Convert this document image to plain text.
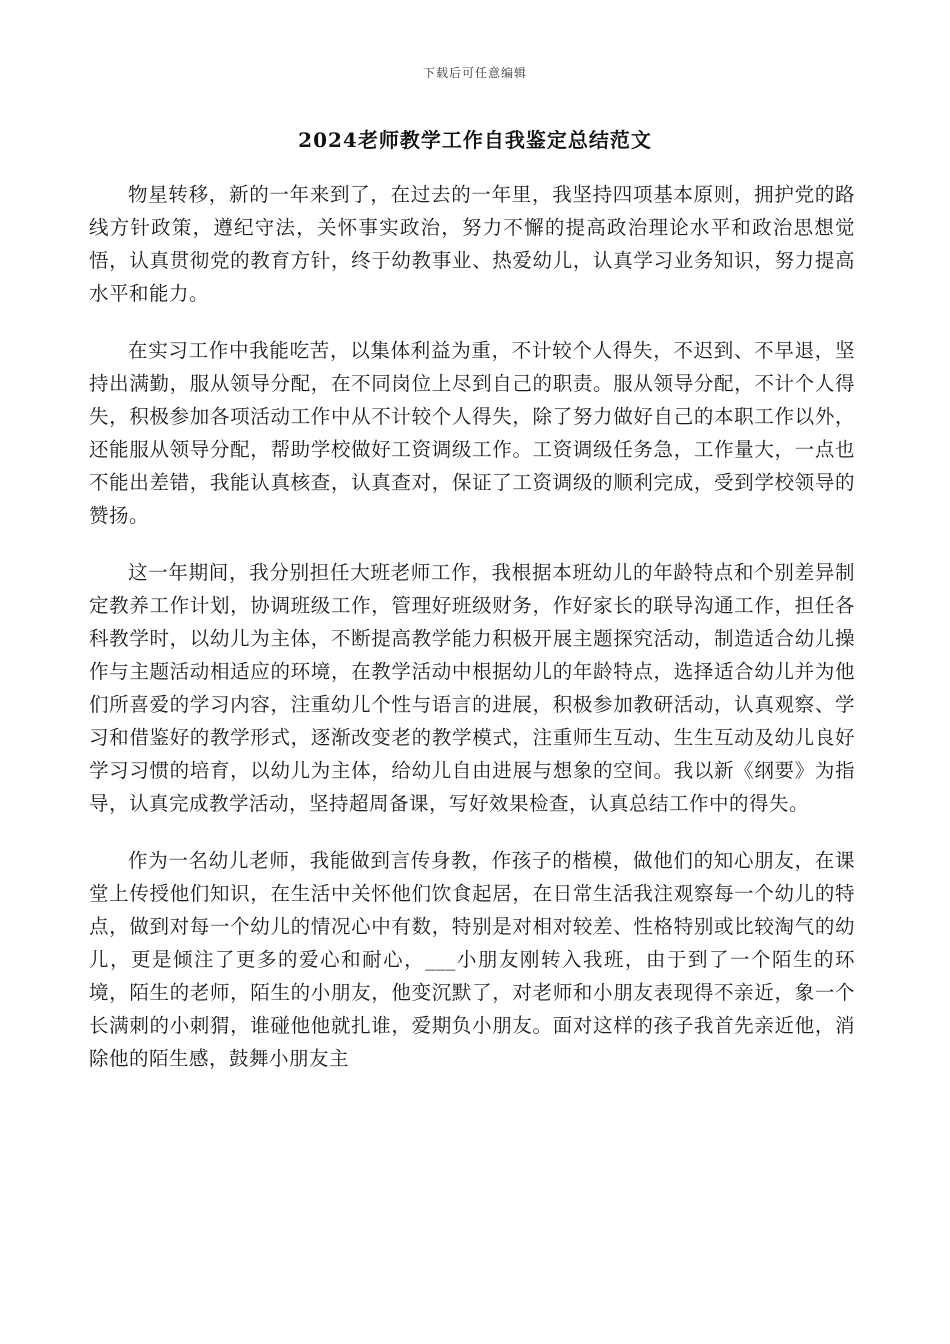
下载后可任意编辑
2024老师教学工作自我鉴定总结范文

物星转移，新的一年来到了，在过去的一年里，我坚持四项基本原则，拥护党的路线方针政策，遵纪守法，关怀事实政治，努力不懈的提高政治理论水平和政治思想觉悟，认真贯彻党的教育方针，终于幼教事业、热爱幼儿，认真学习业务知识，努力提高水平和能力。

在实习工作中我能吃苦，以集体利益为重，不计较个人得失，不迟到、不早退，坚持出满勤，服从领导分配，在不同岗位上尽到自己的职责。服从领导分配，不计个人得失，积极参加各项活动工作中从不计较个人得失，除了努力做好自己的本职工作以外，还能服从领导分配，帮助学校做好工资调级工作。工资调级任务急，工作量大，一点也不能出差错，我能认真核查，认真查对，保证了工资调级的顺利完成，受到学校领导的赞扬。

这一年期间，我分别担任大班老师工作，我根据本班幼儿的年龄特点和个别差异制定教养工作计划，协调班级工作，管理好班级财务，作好家长的联导沟通工作，担任各科教学时，以幼儿为主体，不断提高教学能力积极开展主题探究活动，制造适合幼儿操作与主题活动相适应的环境，在教学活动中根据幼儿的年龄特点，选择适合幼儿并为他们所喜爱的学习内容，注重幼儿个性与语言的进展，积极参加教研活动，认真观察、学习和借鉴好的教学形式，逐渐改变老的教学模式，注重师生互动、生生互动及幼儿良好学习习惯的培育，以幼儿为主体，给幼儿自由进展与想象的空间。我以新《纲要》为指导，认真完成教学活动，坚持超周备课，写好效果检查，认真总结工作中的得失。

作为一名幼儿老师，我能做到言传身教，作孩子的楷模，做他们的知心朋友，在课堂上传授他们知识，在生活中关怀他们饮食起居，在日常生活我注观察每一个幼儿的特点，做到对每一个幼儿的情况心中有数，特别是对相对较差、性格特别或比较淘气的幼儿，更是倾注了更多的爱心和耐心，___小朋友刚转入我班，由于到了一个陌生的环境，陌生的老师，陌生的小朋友，他变沉默了，对老师和小朋友表现得不亲近，象一个长满刺的小刺猬，谁碰他他就扎谁，爱期负小朋友。面对这样的孩子我首先亲近他，消除他的陌生感，鼓舞小朋友主
